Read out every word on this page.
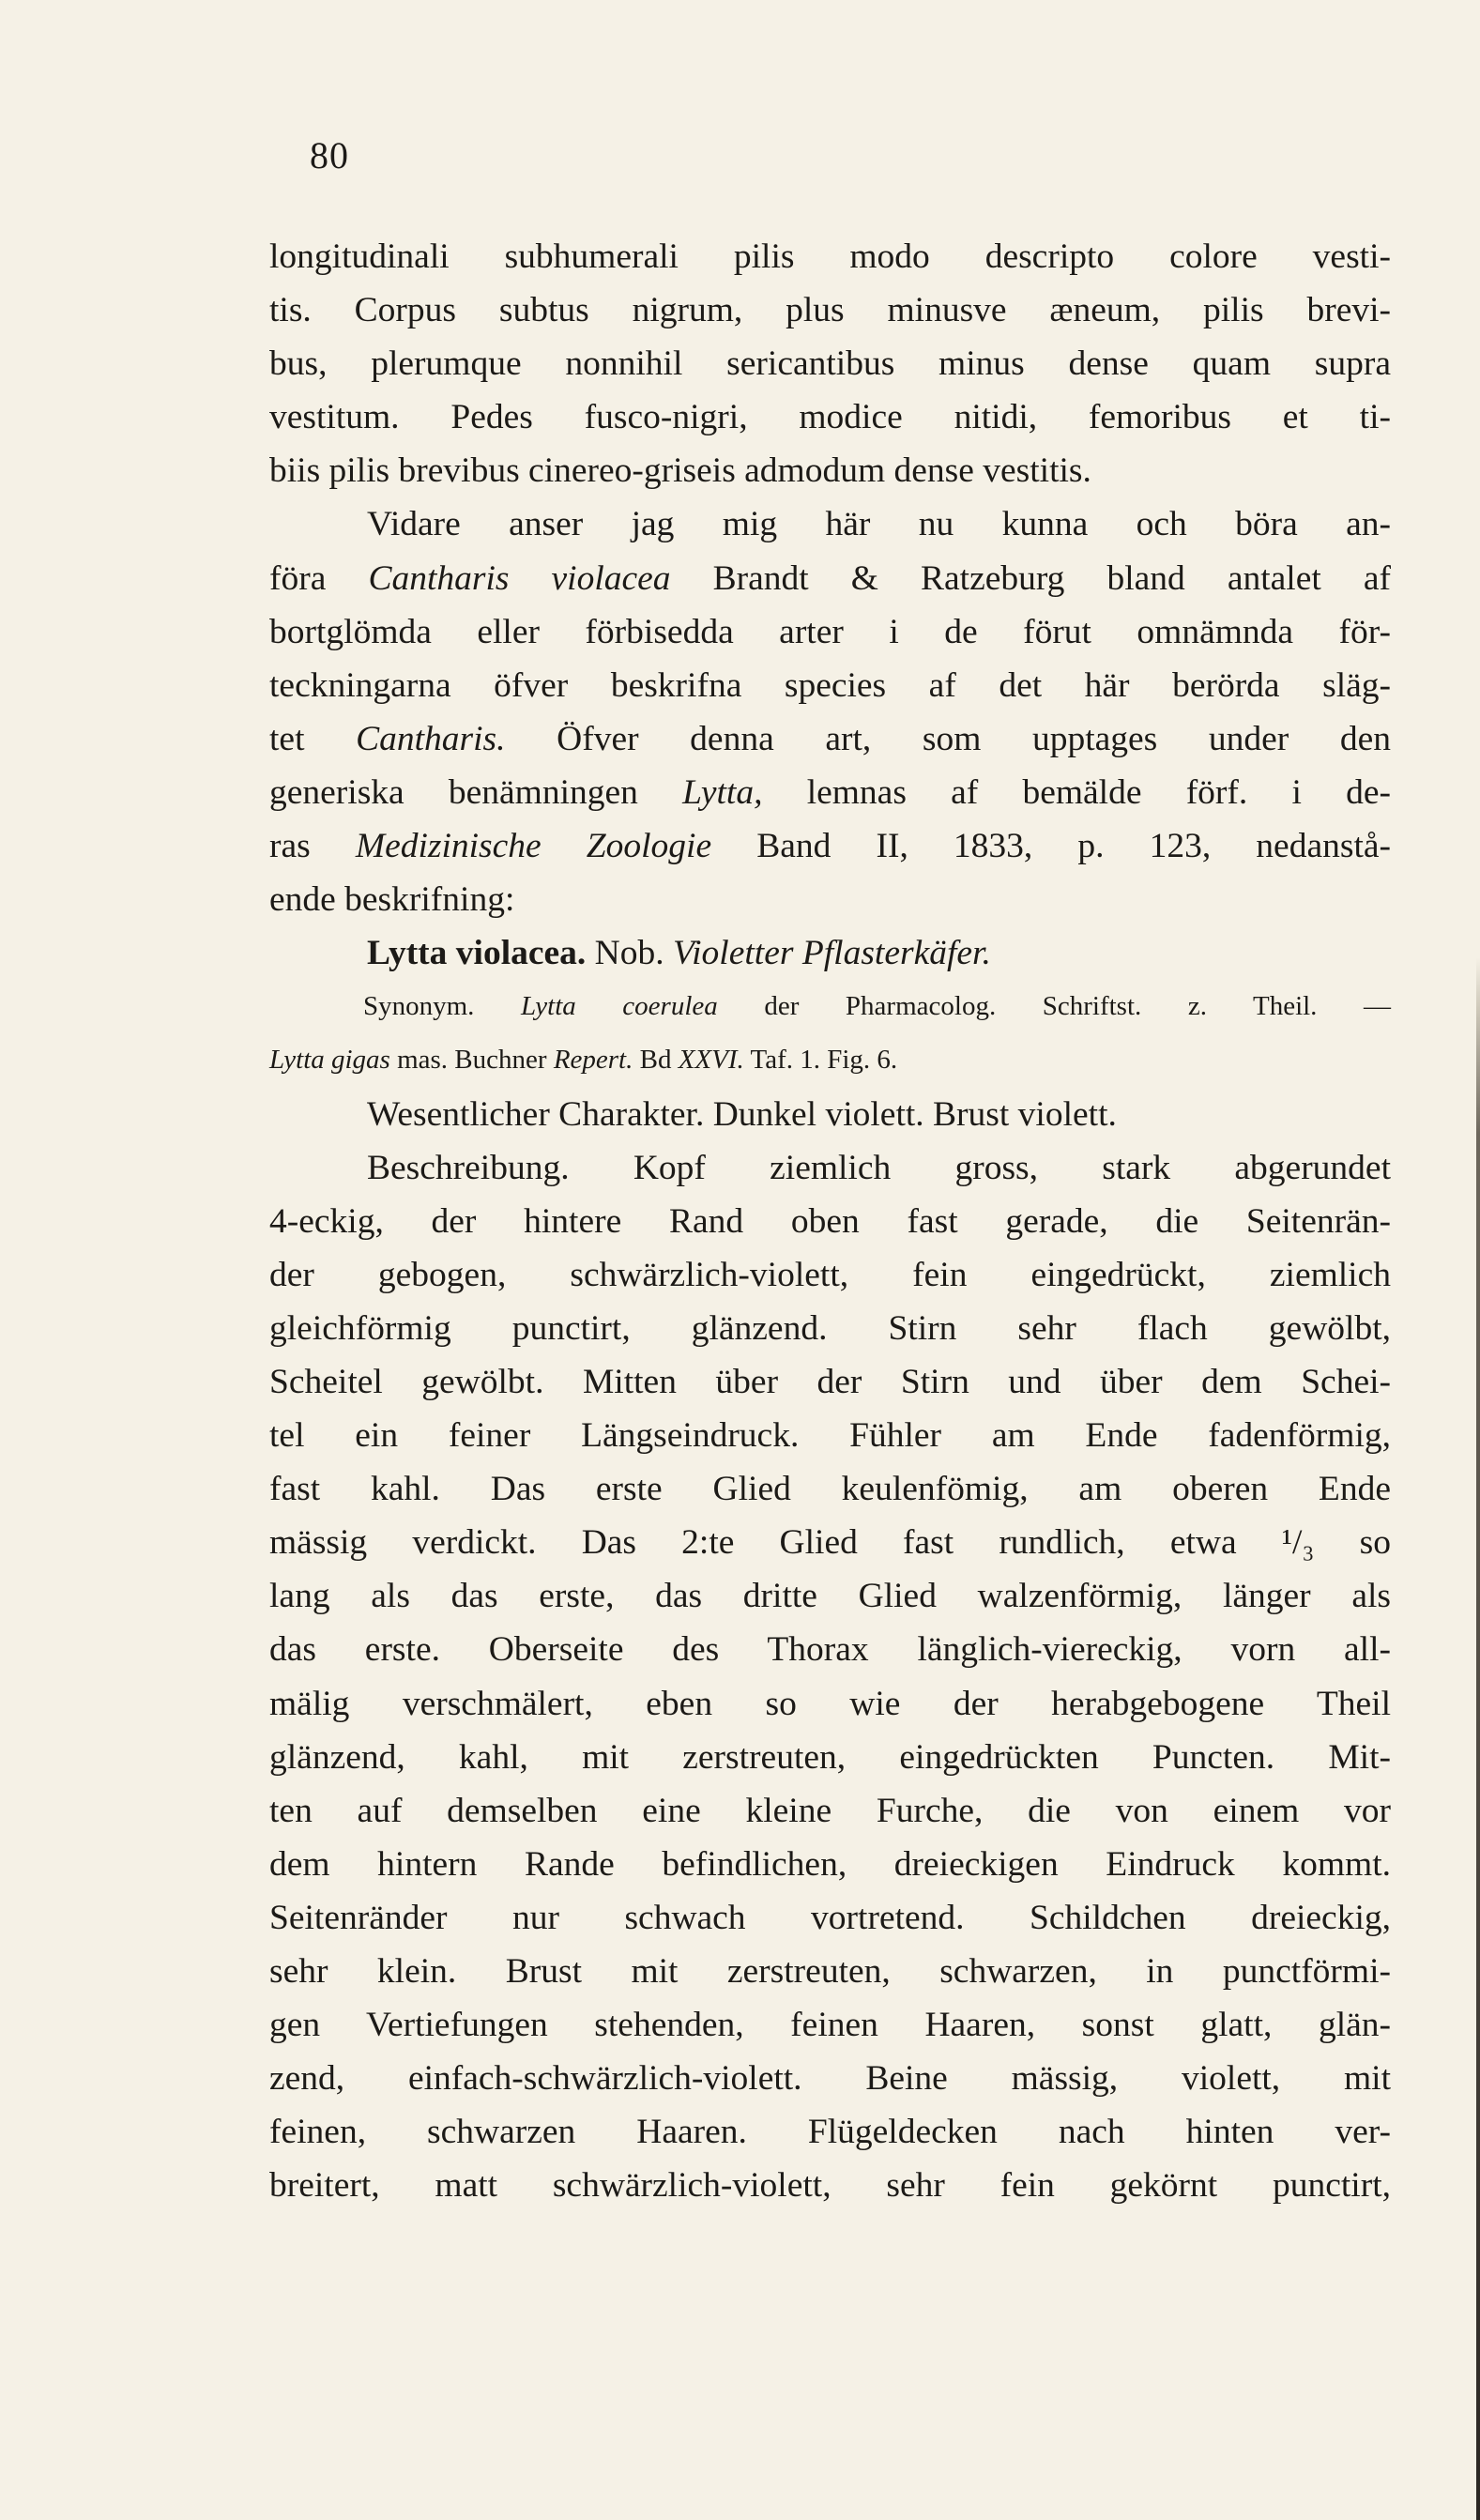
80
longitudinali subhumerali pilis modo descripto colore vesti-
tis. Corpus subtus nigrum, plus minusve æneum, pilis brevi-
bus, plerumque nonnihil sericantibus minus dense quam supra
vestitum. Pedes fusco-nigri, modice nitidi, femoribus et ti-
biis pilis brevibus cinereo-griseis admodum dense vestitis.
Vidare anser jag mig här nu kunna och böra an-
föra Cantharis violacea Brandt & Ratzeburg bland antalet af
bortglömda eller förbisedda arter i de förut omnämnda för-
teckningarna öfver beskrifna species af det här berörda släg-
tet Cantharis. Öfver denna art, som upptages under den
generiska benämningen Lytta, lemnas af bemälde förf. i de-
ras Medizinische Zoologie Band II, 1833, p. 123, nedanstå-
ende beskrifning:
Lytta violacea. Nob. Violetter Pflasterkäfer.
Synonym. Lytta coerulea der Pharmacolog. Schriftst. z. Theil. —
Lytta gigas mas. Buchner Repert. Bd XXVI. Taf. 1. Fig. 6.
Wesentlicher Charakter. Dunkel violett. Brust violett.
Beschreibung. Kopf ziemlich gross, stark abgerundet
4-eckig, der hintere Rand oben fast gerade, die Seitenrän-
der gebogen, schwärzlich-violett, fein eingedrückt, ziemlich
gleichförmig punctirt, glänzend. Stirn sehr flach gewölbt,
Scheitel gewölbt. Mitten über der Stirn und über dem Schei-
tel ein feiner Längseindruck. Fühler am Ende fadenförmig,
fast kahl. Das erste Glied keulenfömig, am oberen Ende
mässig verdickt. Das 2:te Glied fast rundlich, etwa ¹/₃ so
lang als das erste, das dritte Glied walzenförmig, länger als
das erste. Oberseite des Thorax länglich-viereckig, vorn all-
mälig verschmälert, eben so wie der herabgebogene Theil
glänzend, kahl, mit zerstreuten, eingedrückten Puncten. Mit-
ten auf demselben eine kleine Furche, die von einem vor
dem hintern Rande befindlichen, dreieckigen Eindruck kommt.
Seitenränder nur schwach vortretend. Schildchen dreieckig,
sehr klein. Brust mit zerstreuten, schwarzen, in punctförmi-
gen Vertiefungen stehenden, feinen Haaren, sonst glatt, glän-
zend, einfach-schwärzlich-violett. Beine mässig, violett, mit
feinen, schwarzen Haaren. Flügeldecken nach hinten ver-
breitert, matt schwärzlich-violett, sehr fein gekörnt punctirt,
